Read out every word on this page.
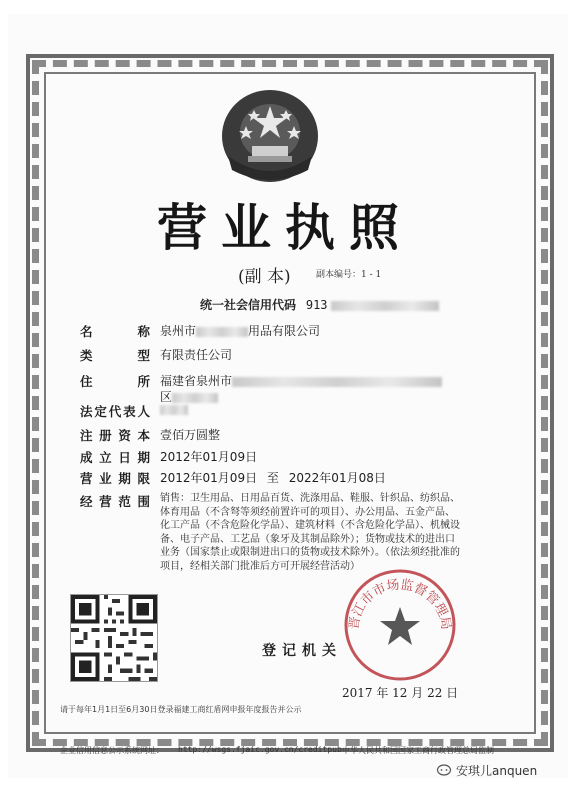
营业执照
(副 本)	副本编号：1 - 1
统一社会信用代码 913
名 称 泉州市	用品有限公司
类 型 有限责任公司
住 所 福建省泉州市
区
法定代表人
注册资本 壹佰万圆整
成立日期 2012年01月09日
营业期限 2012年01月09日 至 2022年01月08日
经营范围 销售：卫生用品、日用品百货、洗涤用品、鞋服、针织品、纺织品、体育用品（不含弩等须经前置许可的项目）、办公用品、五金产品、化工产品（不含危险化学品）、建筑材料（不含危险化学品）、机械设备、电子产品、工艺品（象牙及其制品除外）；货物或技术的进出口业务（国家禁止或限制进出口的货物或技术除外）。（依法须经批准的项目，经相关部门批准后方可开展经营活动）
请于每年1月1日至6月30日登录福建工商红盾网申报年度报告并公示
登记机关
2017 年 12 月 22 日
晋江市市场监督管理局
企业信用信息公示系统网址： http://wsgs.fjaic.gov.cn/creditpub 中华人民共和国国家工商行政管理总局监制
安琪儿anquen
